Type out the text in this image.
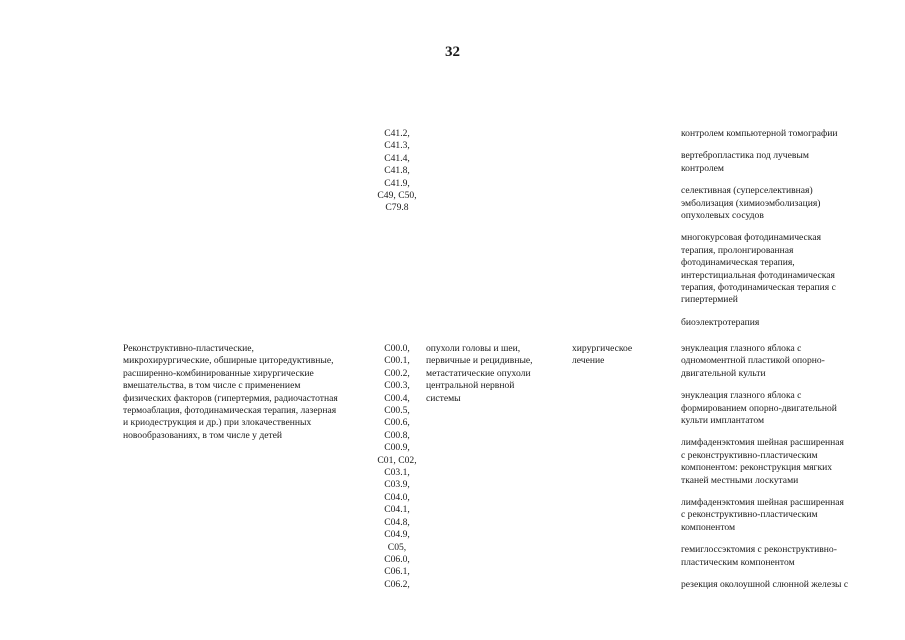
32
C41.2,
C41.3,
C41.4,
C41.8,
C41.9,
C49, C50,
C79.8
контролем компьютерной томографии
вертебропластика под лучевым
контролем
селективная (суперселективная)
эмболизация (химиоэмболизация)
опухолевых сосудов
многокурсовая фотодинамическая
терапия, пролонгированная
фотодинамическая терапия,
интерстициальная фотодинамическая
терапия, фотодинамическая терапия с
гипертермией
биоэлектротерапия
Реконструктивно-пластические,
микрохирургические, обширные циторедуктивные,
расширенно-комбинированные хирургические
вмешательства, в том числе с применением
физических факторов (гипертермия, радиочастотная
термоаблация, фотодинамическая терапия, лазерная
и криодеструкция и др.) при злокачественных
новообразованиях, в том числе у детей
C00.0,
C00.1,
C00.2,
C00.3,
C00.4,
C00.5,
C00.6,
C00.8,
C00.9,
C01, C02,
C03.1,
C03.9,
C04.0,
C04.1,
C04.8,
C04.9,
C05,
C06.0,
C06.1,
C06.2,
опухоли головы и шеи,
первичные и рецидивные,
метастатические опухоли
центральной нервной
системы
хирургическое
лечение
энуклеация глазного яблока с
одномоментной пластикой опорно-
двигательной культи
энуклеация глазного яблока с
формированием опорно-двигательной
культи имплантатом
лимфаденэктомия шейная расширенная
с реконструктивно-пластическим
компонентом: реконструкция мягких
тканей местными лоскутами
лимфаденэктомия шейная расширенная
с реконструктивно-пластическим
компонентом
гемиглоссэктомия с реконструктивно-
пластическим компонентом
резекция околоушной слюнной железы с
